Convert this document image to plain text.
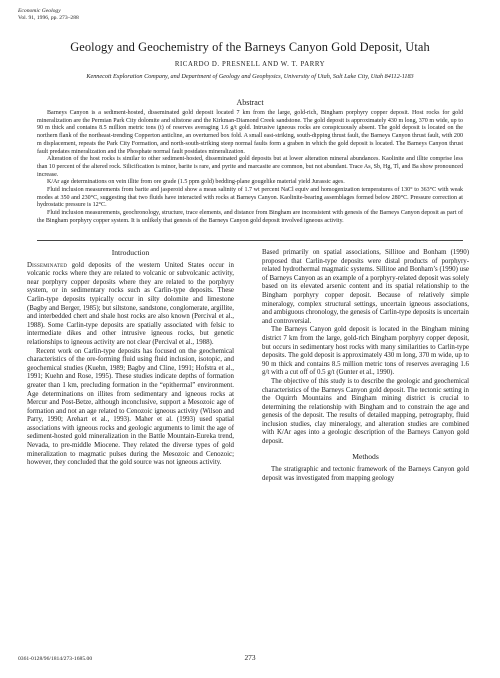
Economic Geology
Vol. 91, 1996, pp. 273–288
Geology and Geochemistry of the Barneys Canyon Gold Deposit, Utah
RICARDO D. PRESNELL AND W. T. PARRY
Kennecott Exploration Company, and Department of Geology and Geophysics, University of Utah, Salt Lake City, Utah 84112-1183
Abstract

Barneys Canyon is a sediment-hosted, disseminated gold deposit located 7 km from the large, gold-rich, Bingham porphyry copper deposit. Host rocks for gold mineralization are the Permian Park City dolomite and siltstone and the Kirkman-Diamond Creek sandstone. The gold deposit is approximately 430 m long, 370 m wide, up to 90 m thick and contains 8.5 million metric tons (t) of reserves averaging 1.6 g/t gold. Intrusive igneous rocks are conspicuously absent. The gold deposit is located on the northern flank of the northeast-trending Copperton anticline, an overturned box fold. A small east-striking, south-dipping thrust fault, the Barneys Canyon thrust fault, with 200 m displacement, repeats the Park City Formation, and north-south-striking steep normal faults form a graben in which the gold deposit is located. The Barneys Canyon thrust fault predates mineralization and the Phosphate normal fault postdates mineralization.

Alteration of the host rocks is similar to other sediment-hosted, disseminated gold deposits but at lower alteration mineral abundances. Kaolinite and illite comprise less than 10 percent of the altered rock. Silicification is minor, barite is rare, and pyrite and marcasite are common, but not abundant. Trace As, Sb, Hg, Tl, and Ba show pronounced increase.

K/Ar age determinations on vein illite from ore grade (1.5 ppm gold) bedding-plane gougelike material yield Jurassic ages.

Fluid inclusion measurements from barite and jasperoid show a mean salinity of 1.7 wt percent NaCl equiv and homogenization temperatures of 130° to 363°C with weak modes at 350 and 230°C, suggesting that two fluids have interacted with rocks at Barneys Canyon. Kaolinite-bearing assemblages formed below 280°C. Pressure correction at hydrostatic pressure is 12°C.

Fluid inclusion measurements, geochronology, structure, trace elements, and distance from Bingham are inconsistent with genesis of the Barneys Canyon deposit as part of the Bingham porphyry copper system. It is unlikely that genesis of the Barneys Canyon gold deposit involved igneous activity.

Introduction

Disseminated gold deposits of the western United States occur in volcanic rocks where they are related to volcanic or subvolcanic activity, near porphyry copper deposits where they are related to the porphyry system, or in sedimentary rocks such as Carlin-type deposits. These Carlin-type deposits typically occur in silty dolomite and limestone (Bagby and Berger, 1985); but siltstone, sandstone, conglomerate, argillite, and interbedded chert and shale host rocks are also known (Percival et al., 1988). Some Carlin-type deposits are spatially associated with felsic to intermediate dikes and other intrusive igneous rocks, but genetic relationships to igneous activity are not clear (Percival et al., 1988).

Recent work on Carlin-type deposits has focused on the geochemical characteristics of the ore-forming fluid using fluid inclusion, isotopic, and geochemical studies (Kuehn, 1989; Bagby and Cline, 1991; Hofstra et al., 1991; Kuehn and Rose, 1995). These studies indicate depths of formation greater than 1 km, precluding formation in the “epithermal” environment. Age determinations on illites from sedimentary and igneous rocks at Mercur and Post-Betze, although inconclusive, support a Mesozoic age of formation and not an age related to Cenozoic igneous activity (Wilson and Parry, 1990; Arehart et al., 1993). Maher et al. (1993) used spatial associations with igneous rocks and geologic arguments to limit the age of sediment-hosted gold mineralization in the Battle Mountain-Eureka trend, Nevada, to pre-middle Miocene. They related the diverse types of gold mineralization to magmatic pulses during the Mesozoic and Cenozoic; however, they concluded that the gold source was not igneous activity.

Based primarily on spatial associations, Sillitoe and Bonham (1990) proposed that Carlin-type deposits were distal products of porphyry-related hydrothermal magmatic systems. Sillitoe and Bonham’s (1990) use of Barneys Canyon as an example of a porphyry-related deposit was solely based on its elevated arsenic content and its spatial relationship to the Bingham porphyry copper deposit. Because of relatively simple mineralogy, complex structural settings, uncertain igneous associations, and ambiguous chronology, the genesis of Carlin-type deposits is uncertain and controversial.

The Barneys Canyon gold deposit is located in the Bingham mining district 7 km from the large, gold-rich Bingham porphyry copper deposit, but occurs in sedimentary host rocks with many similarities to Carlin-type deposits. The gold deposit is approximately 430 m long, 370 m wide, up to 90 m thick and contains 8.5 million metric tons of reserves averaging 1.6 g/t with a cut off of 0.5 g/t (Gunter et al., 1990).

The objective of this study is to describe the geologic and geochemical characteristics of the Barneys Canyon gold deposit. The tectonic setting in the Oquirrh Mountains and Bingham mining district is crucial to determining the relationship with Bingham and to constrain the age and genesis of the deposit. The results of detailed mapping, petrography, fluid inclusion studies, clay mineralogy, and alteration studies are combined with K/Ar ages into a geologic description of the Barneys Canyon gold deposit.

Methods

The stratigraphic and tectonic framework of the Barneys Canyon gold deposit was investigated from mapping geology

0361-0128/96/1814/273-1685.00	273
